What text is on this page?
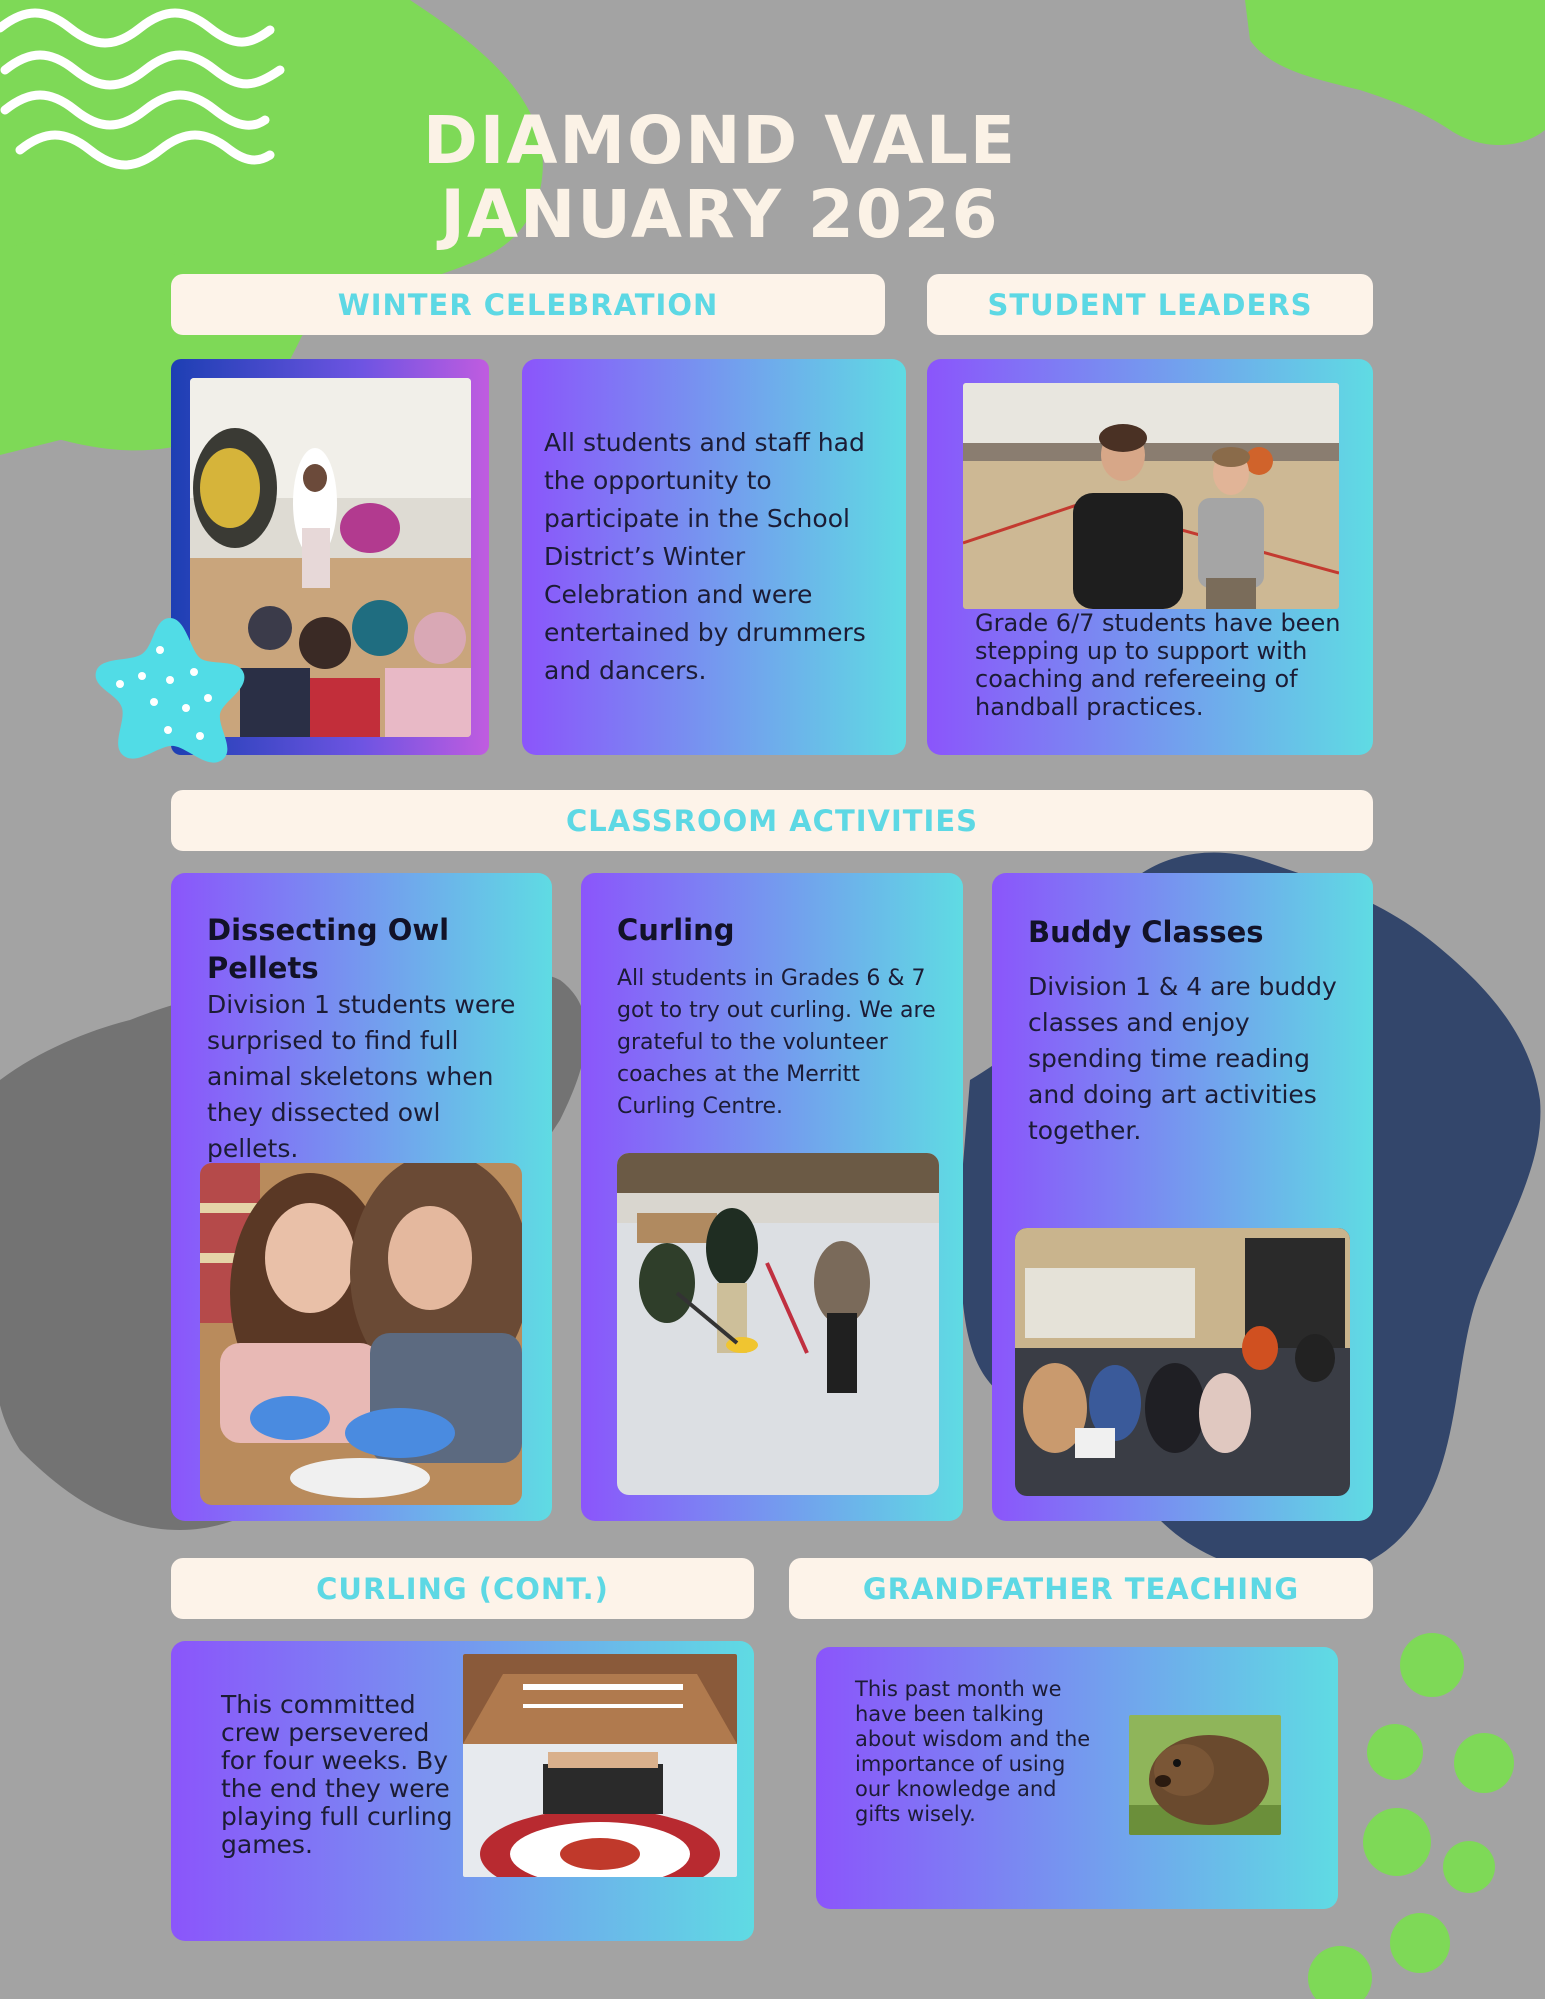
DIAMOND VALE
JANUARY 2026
WINTER CELEBRATION	STUDENT LEADERS
CLASSROOM ACTIVITIES
CURLING (CONT.)	GRANDFATHER TEACHING
All students and staff had the opportunity to participate in the School District’s Winter Celebration and were entertained by drummers and dancers.
Grade 6/7 students have been stepping up to support with coaching and refereeing of handball practices.
Dissecting Owl Pellets
Division 1 students were surprised to find full animal skeletons when they dissected owl pellets.
Curling
All students in Grades 6 & 7 got to try out curling. We are grateful to the volunteer coaches at the Merritt Curling Centre.
Buddy Classes
Division 1 & 4 are buddy classes and enjoy spending time reading and doing art activities together.
This committed crew persevered for four weeks. By the end they were playing full curling games.
This past month we have been talking about wisdom and the importance of using our knowledge and gifts wisely.
